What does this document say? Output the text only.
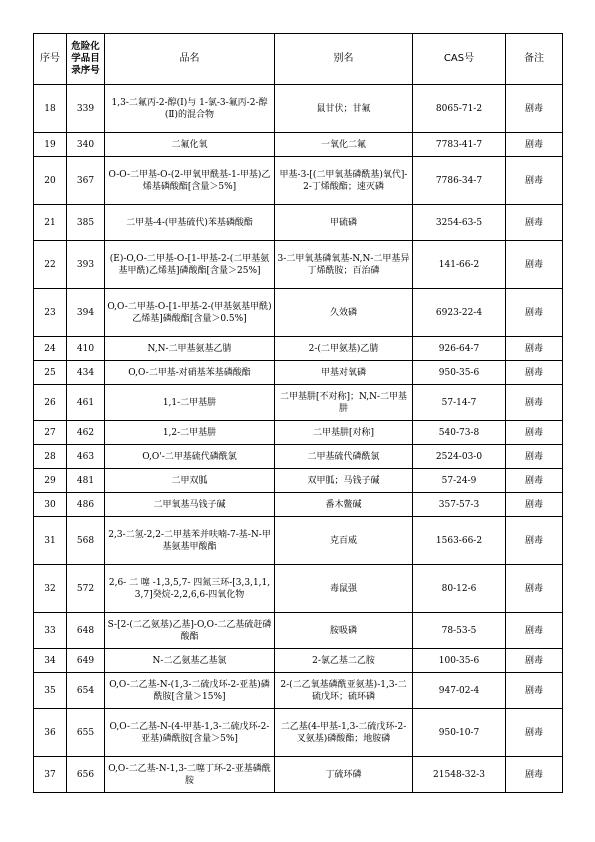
序号	危险化学品目录序号	品名	别名	CAS号	备注
18	339	1,3-二氟丙-2-醇(Ⅰ)与 1-氯-3-氟丙-2-醇(Ⅱ)的混合物	鼠甘伏；甘氟	8065-71-2	剧毒
19	340	二氟化氧	一氧化二氟	7783-41-7	剧毒
20	367	O-O-二甲基-O-(2-甲氧甲酰基-1-甲基)乙烯基磷酸酯[含量＞5%]	甲基-3-[(二甲氧基磷酰基)氧代]-2-丁烯酸酯；速灭磷	7786-34-7	剧毒
21	385	二甲基-4-(甲基硫代)苯基磷酸酯	甲硫磷	3254-63-5	剧毒
22	393	(E)-O,O-二甲基-O-[1-甲基-2-(二甲基氨基甲酰)乙烯基]磷酸酯[含量＞25%]	3-二甲氧基磷氧基-N,N-二甲基异丁烯酰胺；百治磷	141-66-2	剧毒
23	394	O,O-二甲基-O-[1-甲基-2-(甲基氨基甲酰)乙烯基]磷酸酯[含量＞0.5%]	久效磷	6923-22-4	剧毒
24	410	N,N-二甲基氨基乙腈	2-(二甲氨基)乙腈	926-64-7	剧毒
25	434	O,O-二甲基-对硝基苯基磷酸酯	甲基对氧磷	950-35-6	剧毒
26	461	1,1-二甲基肼	二甲基肼[不对称]；N,N-二甲基肼	57-14-7	剧毒
27	462	1,2-二甲基肼	二甲基肼[对称]	540-73-8	剧毒
28	463	O,O'-二甲基硫代磷酰氯	二甲基硫代磷酰氯	2524-03-0	剧毒
29	481	二甲双胍	双甲胍；马钱子碱	57-24-9	剧毒
30	486	二甲氧基马钱子碱	番木鳖碱	357-57-3	剧毒
31	568	2,3-二氢-2,2-二甲基苯并呋喃-7-基-N-甲基氨基甲酸酯	克百威	1563-66-2	剧毒
32	572	2,6- 二 噻 -1,3,5,7- 四氮三环-[3,3,1,1,3,7]癸烷-2,2,6,6-四氧化物	毒鼠强	80-12-6	剧毒
33	648	S-[2-(二乙氨基)乙基]-O,O-二乙基硫赶磷酸酯	胺吸磷	78-53-5	剧毒
34	649	N-二乙氨基乙基氯	2-氯乙基二乙胺	100-35-6	剧毒
35	654	O,O-二乙基-N-(1,3-二硫戊环-2-亚基)磷酰胺[含量＞15%]	2-(二乙氧基磷酰亚氨基)-1,3-二硫戊环；硫环磷	947-02-4	剧毒
36	655	O,O-二乙基-N-(4-甲基-1,3-二硫戊环-2-亚基)磷酰胺[含量＞5%]	二乙基(4-甲基-1,3-二硫戊环-2-叉氨基)磷酸酯；地胺磷	950-10-7	剧毒
37	656	O,O-二乙基-N-1,3-二噻丁环-2-亚基磷酰胺	丁硫环磷	21548-32-3	剧毒
